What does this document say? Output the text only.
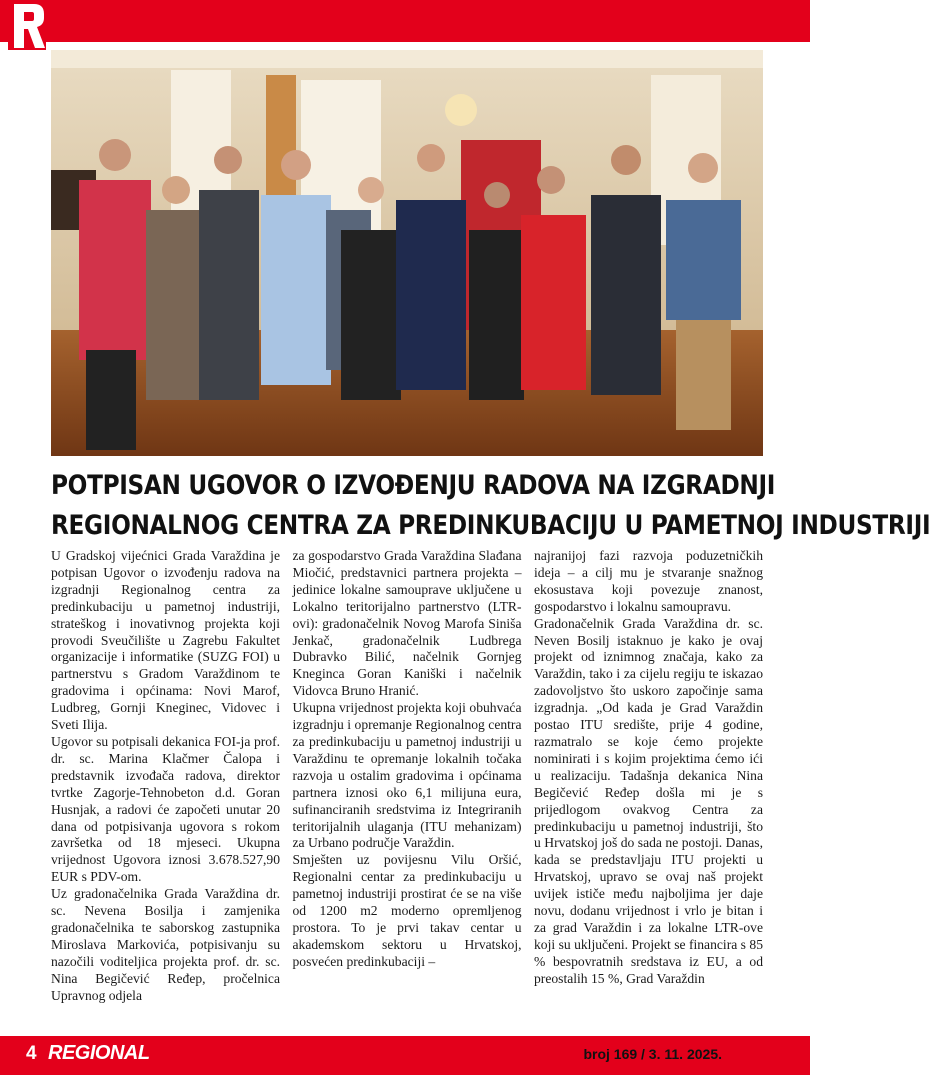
POTPISAN UGOVOR O IZVOĐENJU RADOVA NA IZGRADNJI
REGIONALNOG CENTRA ZA PREDINKUBACIJU U PAMETNOJ INDUSTRIJI

U Gradskoj vijećnici Grada Varaždina je potpisan Ugovor o izvođenju radova na izgradnji Regionalnog centra za predinkubaciju u pametnoj industriji, strateškog i inovativnog projekta koji provodi Sveučilište u Zagrebu Fakultet organizacije i informatike (SUZG FOI) u partnerstvu s Gradom Varaždinom te gradovima i općinama: Novi Marof, Ludbreg, Gornji Kneginec, Vidovec i Sveti Ilija.

Ugovor su potpisali dekanica FOI-ja prof. dr. sc. Marina Klačmer Čalopa i predstavnik izvođača radova, direktor tvrtke Zagorje-Tehnobeton d.d. Goran Husnjak, a radovi će započeti unutar 20 dana od potpisivanja ugovora s rokom završetka od 18 mjeseci. Ukupna vrijednost Ugovora iznosi 3.678.527,90 EUR s PDV-om.

Uz gradonačelnika Grada Varaždina dr. sc. Nevena Bosilja i zamjenika gradonačelnika te saborskog zastupnika Miroslava Markovića, potpisivanju su nazočili voditeljica projekta prof. dr. sc. Nina Begičević Ređep, pročelnica Upravnog odjela

za gospodarstvo Grada Varaždina Slađana Miočić, predstavnici partnera projekta – jedinice lokalne samouprave uključene u Lokalno teritorijalno partnerstvo (LTR-ovi): gradonačelnik Novog Marofa Siniša Jenkač, gradonačelnik Ludbrega Dubravko Bilić, načelnik Gornjeg Kneginca Goran Kaniški i načelnik Vidovca Bruno Hranić.

Ukupna vrijednost projekta koji obuhvaća izgradnju i opremanje Regionalnog centra za predinkubaciju u pametnoj industriji u Varaždinu te opremanje lokalnih točaka razvoja u ostalim gradovima i općinama partnera iznosi oko 6,1 milijuna eura, sufinanciranih sredstvima iz Integriranih teritorijalnih ulaganja (ITU mehanizam) za Urbano područje Varaždin.

Smješten uz povijesnu Vilu Oršić, Regionalni centar za predinkubaciju u pametnoj industriji prostirat će se na više od 1200 m2 moderno opremljenog prostora. To je prvi takav centar u akademskom sektoru u Hrvatskoj, posvećen predinkubaciji –

najranijoj fazi razvoja poduzetničkih ideja – a cilj mu je stvaranje snažnog ekosustava koji povezuje znanost, gospodarstvo i lokalnu samoupravu.

Gradonačelnik Grada Varaždina dr. sc. Neven Bosilj istaknuo je kako je ovaj projekt od iznimnog značaja, kako za Varaždin, tako i za cijelu regiju te iskazao zadovoljstvo što uskoro započinje sama izgradnja. „Od kada je Grad Varaždin postao ITU središte, prije 4 godine, razmatralo se koje ćemo projekte nominirati i s kojim projektima ćemo ići u realizaciju. Tadašnja dekanica Nina Begičević Ređep došla mi je s prijedlogom ovakvog Centra za predinkubaciju u pametnoj industriji, što u Hrvatskoj još do sada ne postoji. Danas, kada se predstavljaju ITU projekti u Hrvatskoj, upravo se ovaj naš projekt uvijek ističe među najboljima jer daje novu, dodanu vrijednost i vrlo je bitan i za grad Varaždin i za lokalne LTR-ove koji su uključeni. Projekt se financira s 85 % bespovratnih sredstava iz EU, a od preostalih 15 %, Grad Varaždin

4 REGIONAL	broj 169 / 3. 11. 2025.
